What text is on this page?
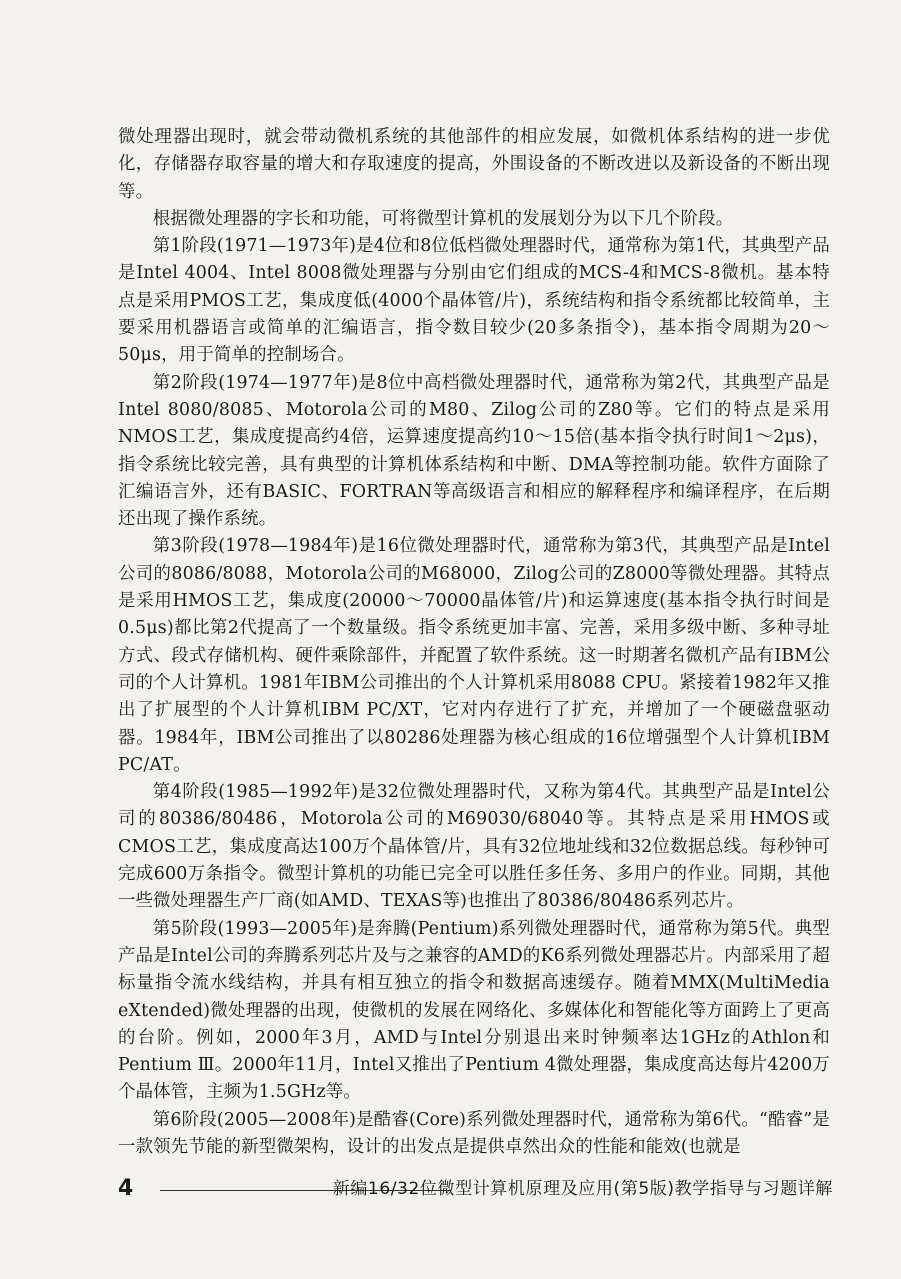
微处理器出现时，就会带动微机系统的其他部件的相应发展，如微机体系结构的进一步优化，存储器存取容量的增大和存取速度的提高，外围设备的不断改进以及新设备的不断出现等。

根据微处理器的字长和功能，可将微型计算机的发展划分为以下几个阶段。

第1阶段(1971—1973年)是4位和8位低档微处理器时代，通常称为第1代，其典型产品是Intel 4004、Intel 8008微处理器与分别由它们组成的MCS-4和MCS-8微机。基本特点是采用PMOS工艺，集成度低(4000个晶体管/片)，系统结构和指令系统都比较简单，主要采用机器语言或简单的汇编语言，指令数目较少(20多条指令)，基本指令周期为20～50μs，用于简单的控制场合。

第2阶段(1974—1977年)是8位中高档微处理器时代，通常称为第2代，其典型产品是Intel 8080/8085、Motorola公司的M80、Zilog公司的Z80等。它们的特点是采用NMOS工艺，集成度提高约4倍，运算速度提高约10～15倍(基本指令执行时间1～2μs)，指令系统比较完善，具有典型的计算机体系结构和中断、DMA等控制功能。软件方面除了汇编语言外，还有BASIC、FORTRAN等高级语言和相应的解释程序和编译程序，在后期还出现了操作系统。

第3阶段(1978—1984年)是16位微处理器时代，通常称为第3代，其典型产品是Intel公司的8086/8088，Motorola公司的M68000，Zilog公司的Z8000等微处理器。其特点是采用HMOS工艺，集成度(20000～70000晶体管/片)和运算速度(基本指令执行时间是0.5μs)都比第2代提高了一个数量级。指令系统更加丰富、完善，采用多级中断、多种寻址方式、段式存储机构、硬件乘除部件，并配置了软件系统。这一时期著名微机产品有IBM公司的个人计算机。1981年IBM公司推出的个人计算机采用8088 CPU。紧接着1982年又推出了扩展型的个人计算机IBM PC/XT，它对内存进行了扩充，并增加了一个硬磁盘驱动器。1984年，IBM公司推出了以80286处理器为核心组成的16位增强型个人计算机IBM PC/AT。

第4阶段(1985—1992年)是32位微处理器时代，又称为第4代。其典型产品是Intel公司的80386/80486，Motorola公司的M69030/68040等。其特点是采用HMOS或CMOS工艺，集成度高达100万个晶体管/片，具有32位地址线和32位数据总线。每秒钟可完成600万条指令。微型计算机的功能已完全可以胜任多任务、多用户的作业。同期，其他一些微处理器生产厂商(如AMD、TEXAS等)也推出了80386/80486系列芯片。

第5阶段(1993—2005年)是奔腾(Pentium)系列微处理器时代，通常称为第5代。典型产品是Intel公司的奔腾系列芯片及与之兼容的AMD的K6系列微处理器芯片。内部采用了超标量指令流水线结构，并具有相互独立的指令和数据高速缓存。随着MMX(MultiMedia eXtended)微处理器的出现，使微机的发展在网络化、多媒体化和智能化等方面跨上了更高的台阶。例如，2000年3月，AMD与Intel分别退出来时钟频率达1GHz的Athlon和Pentium Ⅲ。2000年11月，Intel又推出了Pentium 4微处理器，集成度高达每片4200万个晶体管，主频为1.5GHz等。

第6阶段(2005—2008年)是酷睿(Core)系列微处理器时代，通常称为第6代。“酷睿”是一款领先节能的新型微架构，设计的出发点是提供卓然出众的性能和能效(也就是

4	新编16/32位微型计算机原理及应用(第5版)教学指导与习题详解
